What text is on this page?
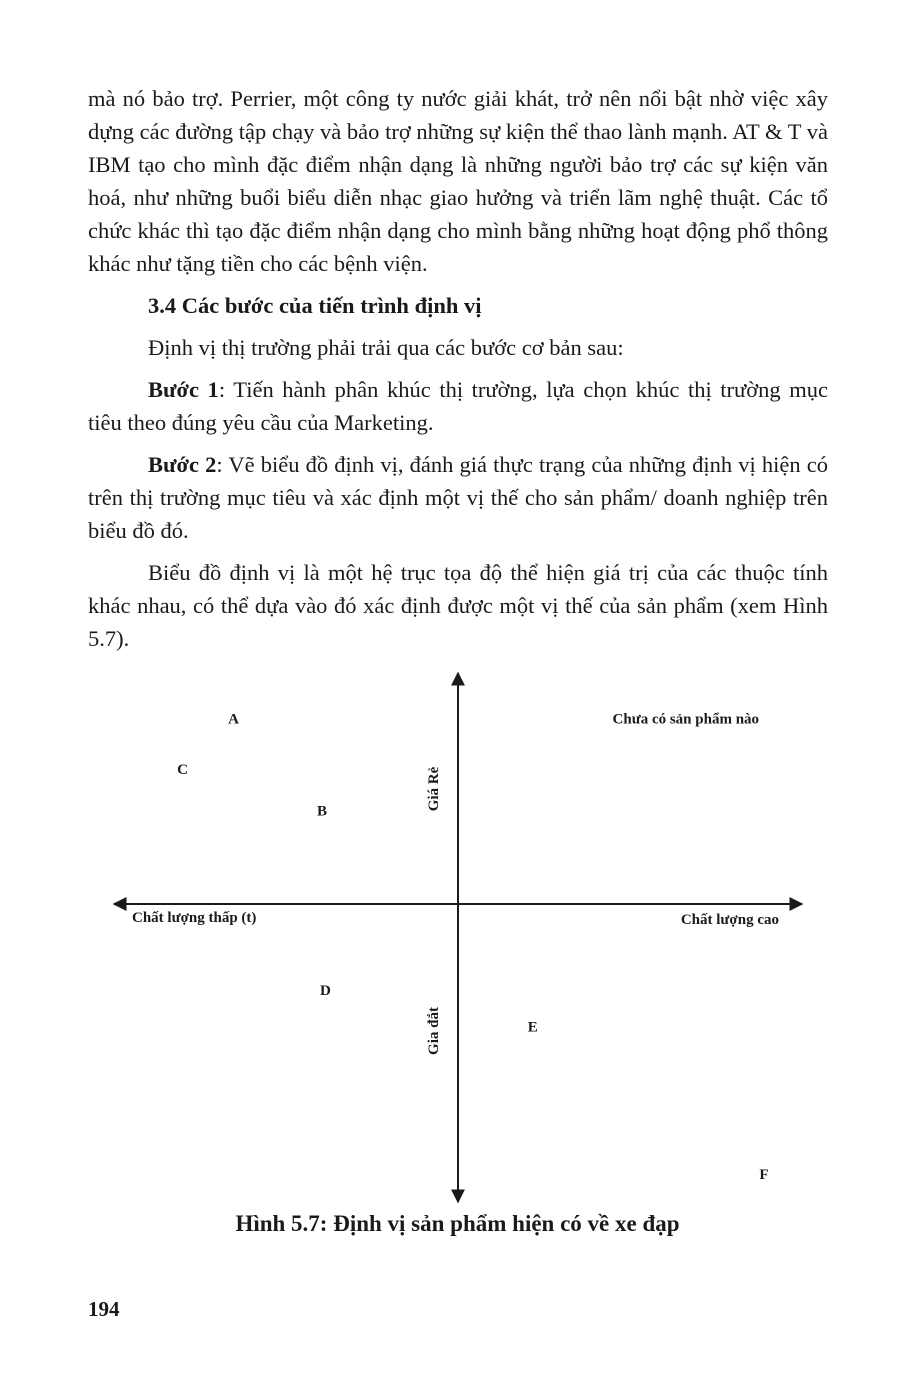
mà nó bảo trợ. Perrier, một công ty nước giải khát, trở nên nổi bật nhờ việc xây dựng các đường tập chạy và bảo trợ những sự kiện thể thao lành mạnh. AT & T và IBM tạo cho mình đặc điểm nhận dạng là những người bảo trợ các sự kiện văn hoá, như những buổi biểu diễn nhạc giao hưởng và triển lãm nghệ thuật. Các tổ chức khác thì tạo đặc điểm nhận dạng cho mình bằng những hoạt động phổ thông khác như tặng tiền cho các bệnh viện.

3.4 Các bước của tiến trình định vị

Định vị thị trường phải trải qua các bước cơ bản sau:

Bước 1: Tiến hành phân khúc thị trường, lựa chọn khúc thị trường mục tiêu theo đúng yêu cầu của Marketing.

Bước 2: Vẽ biểu đồ định vị, đánh giá thực trạng của những định vị hiện có trên thị trường mục tiêu và xác định một vị thế cho sản phẩm/ doanh nghiệp trên biểu đồ đó.

Biểu đồ định vị là một hệ trục tọa độ thể hiện giá trị của các thuộc tính khác nhau, có thể dựa vào đó xác định được một vị thế của sản phẩm (xem Hình 5.7).

Chất lượng thấp (t)	Chất lượng cao
Giá Rẻ
Gia đắt
A
C
B
D
E
F
Chưa có sản phẩm nào
Hình 5.7: Định vị sản phẩm hiện có về xe đạp
194
